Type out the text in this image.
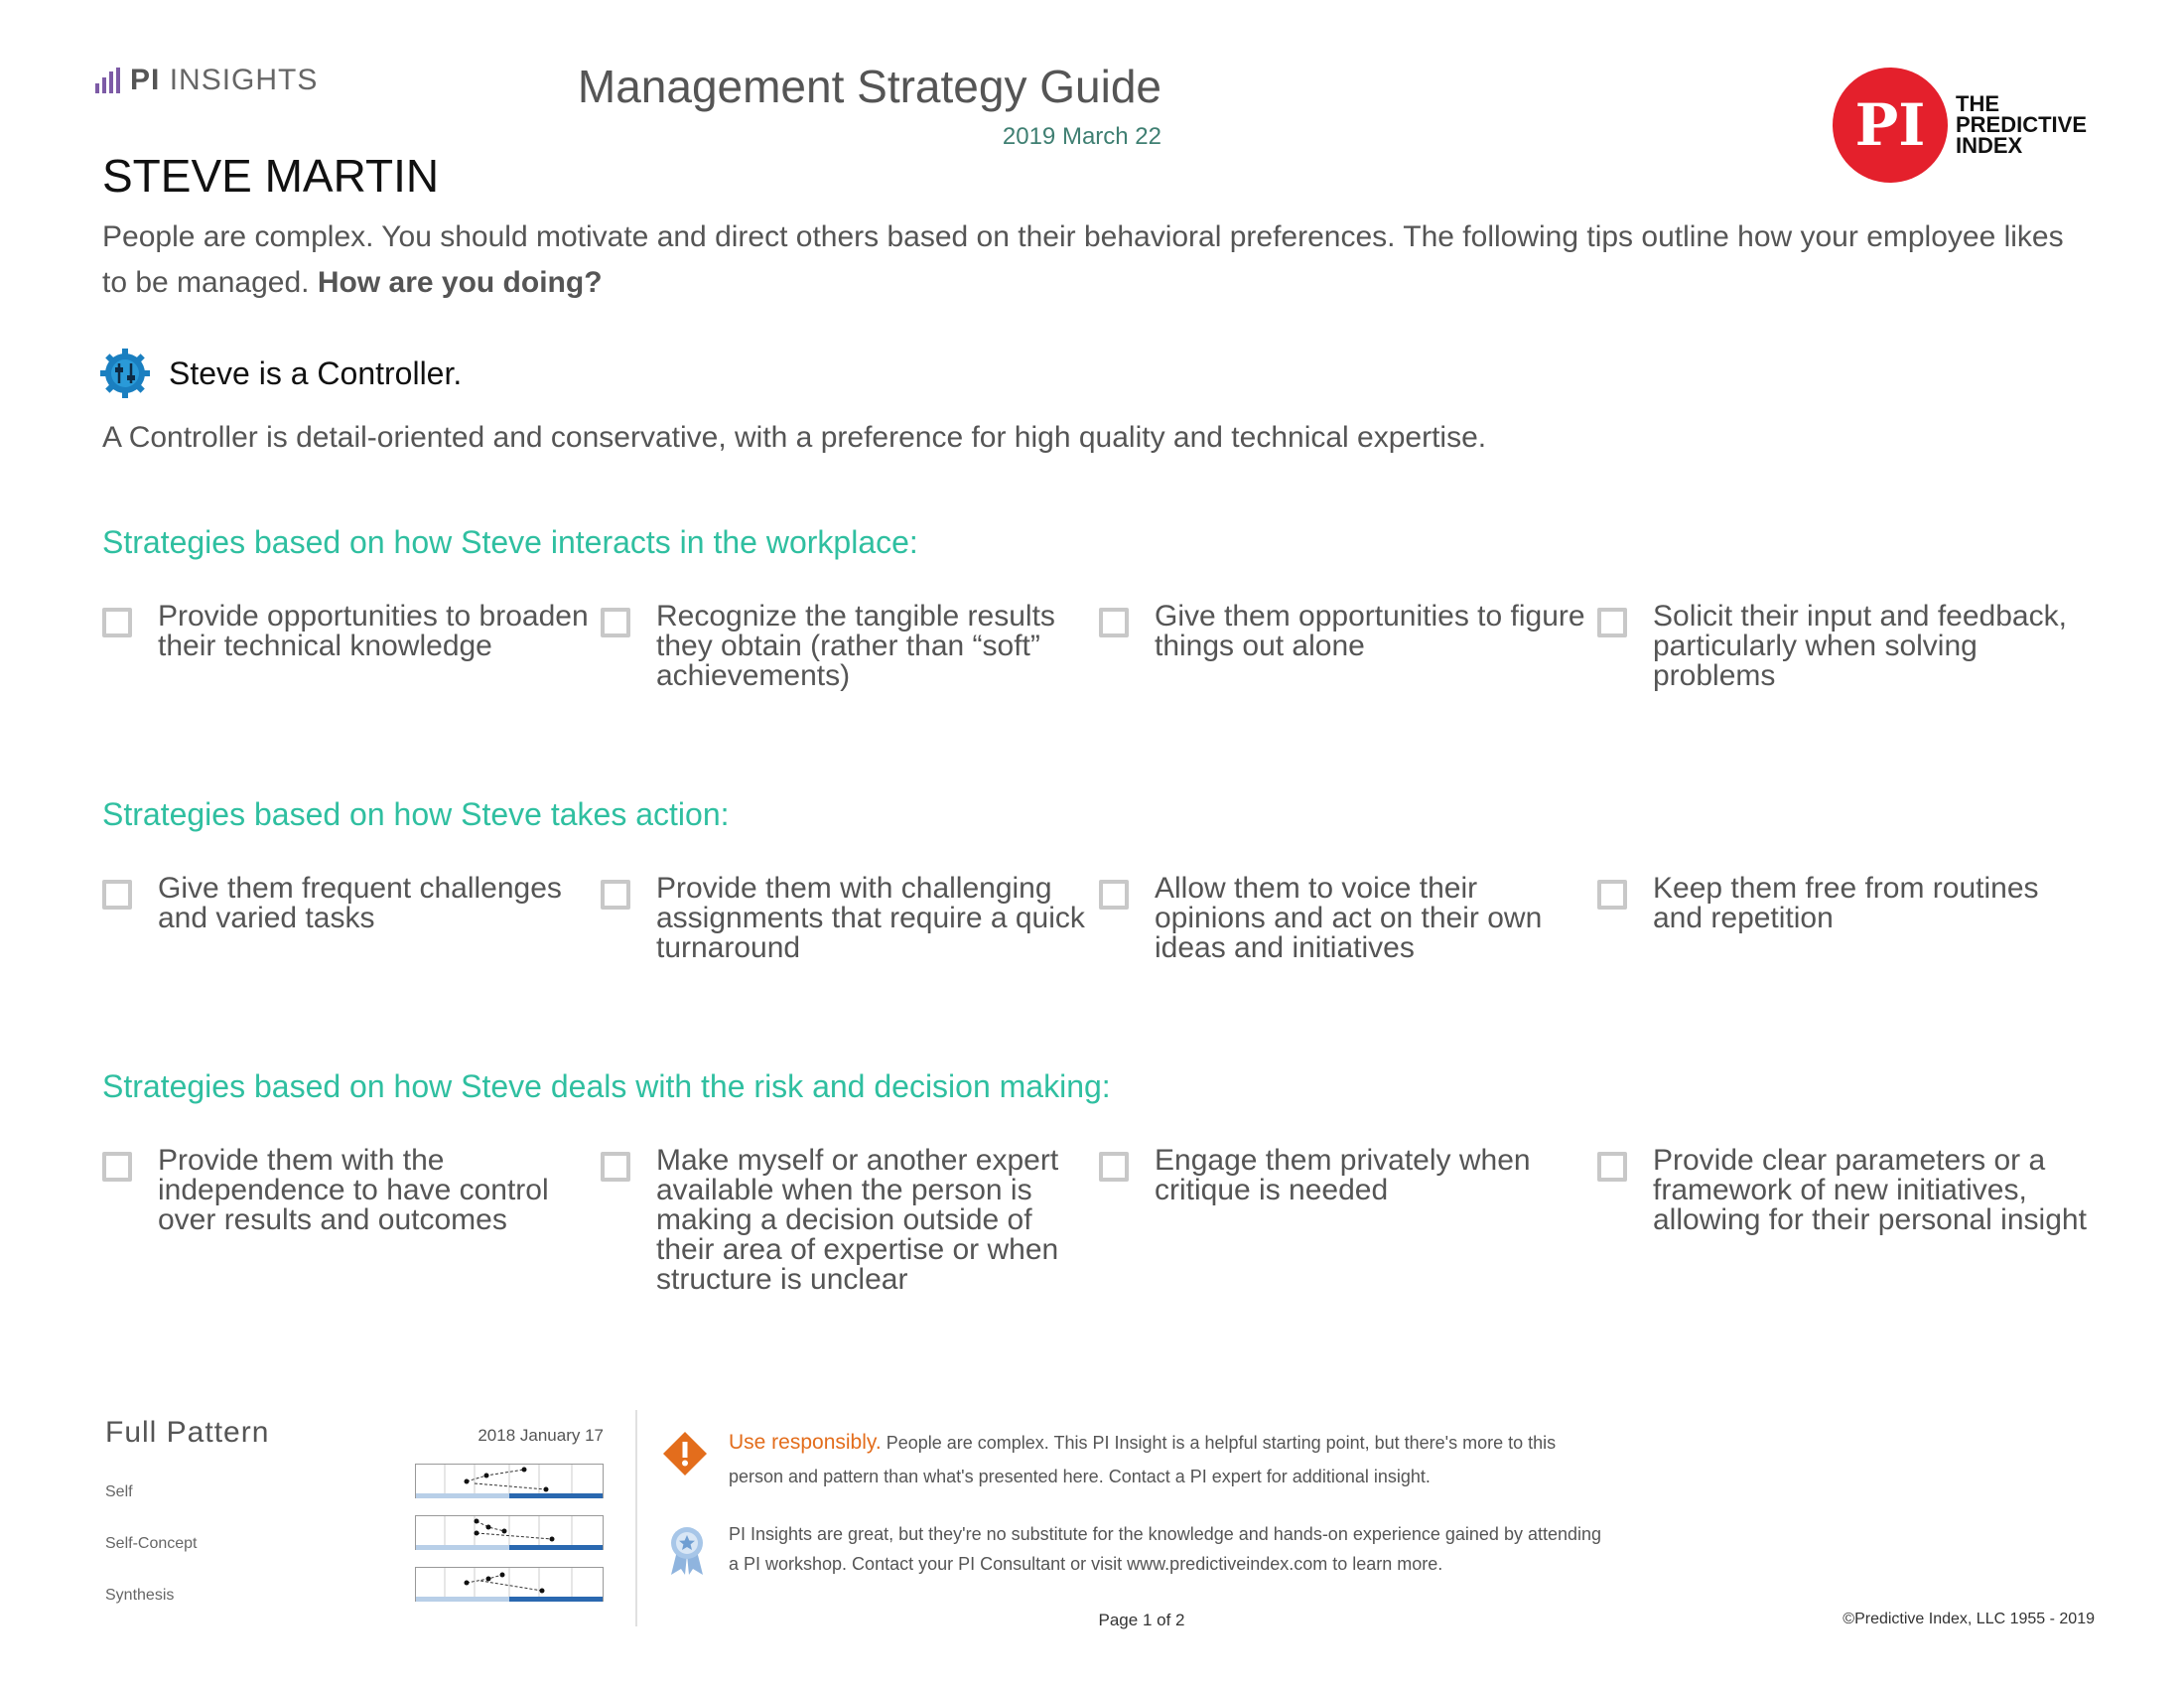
PI INSIGHTS	Management Strategy Guide
2019 March 22	PI	THE
PREDICTIVE
INDEX
STEVE MARTIN
People are complex. You should motivate and direct others based on their behavioral preferences. The following tips outline how your employee likes to be managed. How are you doing?
Steve is a Controller.
A Controller is detail-oriented and conservative, with a preference for high quality and technical expertise.
Strategies based on how Steve interacts in the workplace:
Provide opportunities to broaden their technical knowledge
Recognize the tangible results they obtain (rather than “soft” achievements)
Give them opportunities to figure things out alone
Solicit their input and feedback, particularly when solving problems
Strategies based on how Steve takes action:
Give them frequent challenges and varied tasks
Provide them with challenging assignments that require a quick turnaround
Allow them to voice their opinions and act on their own ideas and initiatives
Keep them free from routines and repetition
Strategies based on how Steve deals with the risk and decision making:
Provide them with the independence to have control over results and outcomes
Make myself or another expert available when the person is making a decision outside of their area of expertise or when structure is unclear
Engage them privately when critique is needed
Provide clear parameters or a framework of new initiatives, allowing for their personal insight
Full Pattern	2018 January 17
Self
Self-Concept
Synthesis
Use responsibly. People are complex. This PI Insight is a helpful starting point, but there's more to this person and pattern than what's presented here. Contact a PI expert for additional insight.
PI Insights are great, but they're no substitute for the knowledge and hands-on experience gained by attending a PI workshop. Contact your PI Consultant or visit www.predictiveindex.com to learn more.
Page 1 of 2	©Predictive Index, LLC 1955 - 2019
